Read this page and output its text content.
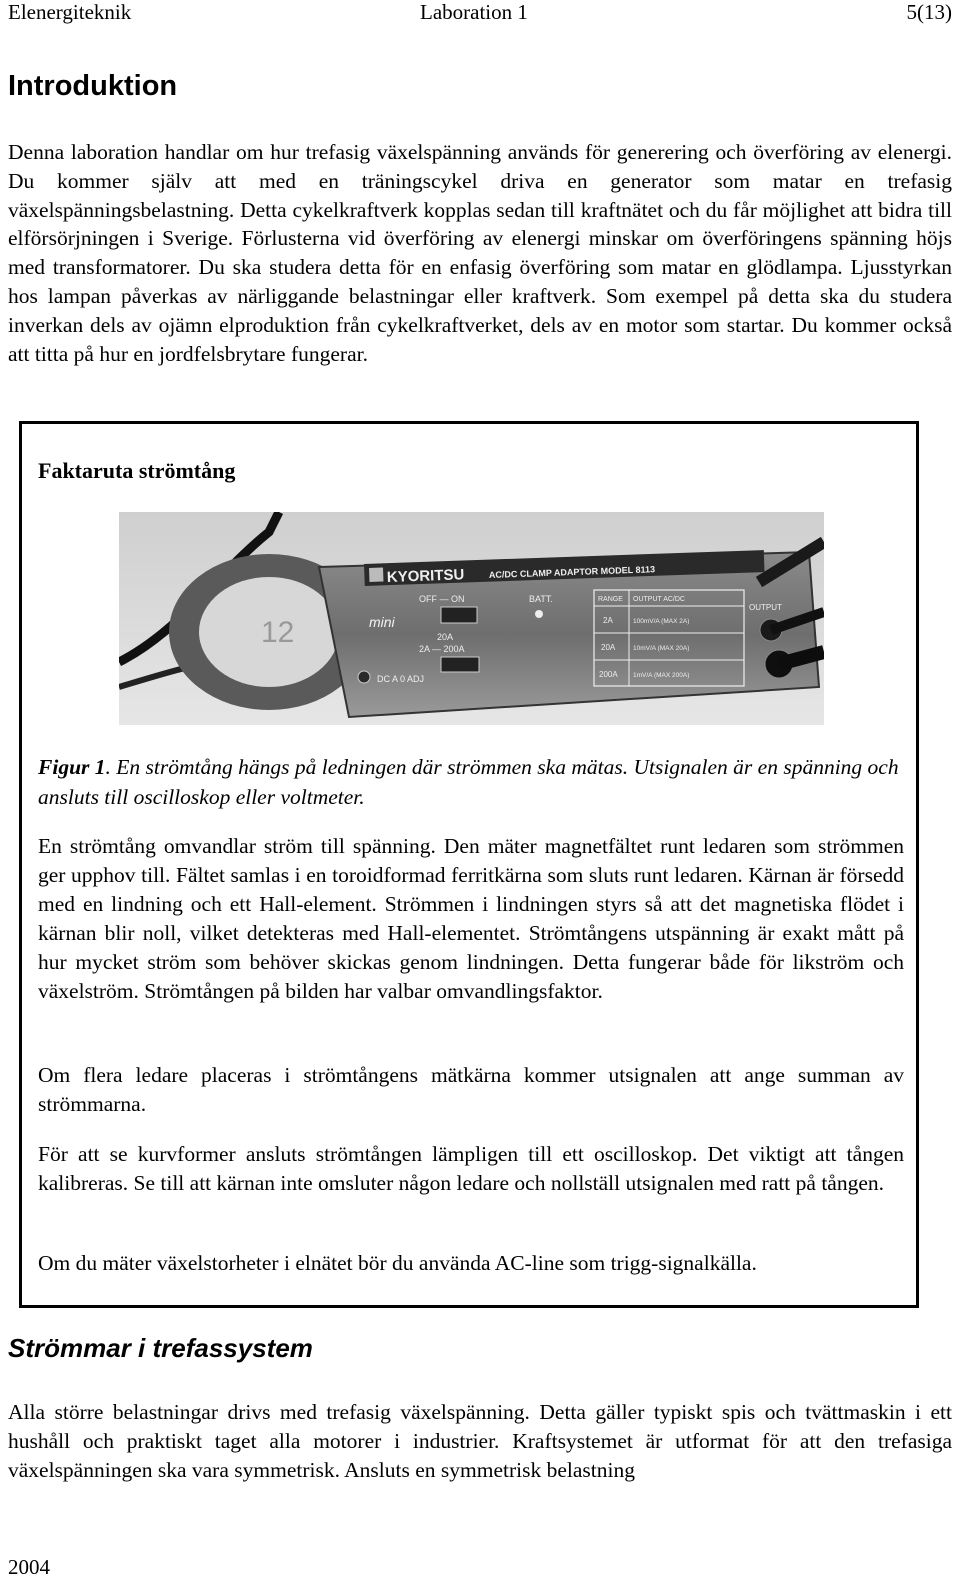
Elenergiteknik	Laboration 1	5(13)
Introduktion

Denna laboration handlar om hur trefasig växelspänning används för generering och överföring av elenergi. Du kommer själv att med en träningscykel driva en generator som matar en trefasig växelspänningsbelastning. Detta cykelkraftverk kopplas sedan till kraftnätet och du får möjlighet att bidra till elförsörjningen i Sverige. Förlusterna vid överföring av elenergi minskar om överföringens spänning höjs med transformatorer. Du ska studera detta för en enfasig överföring som matar en glödlampa. Ljusstyrkan hos lampan påverkas av närliggande belastningar eller kraftverk. Som exempel på detta ska du studera inverkan dels av ojämn elproduktion från cykelkraftverket, dels av en motor som startar. Du kommer också att titta på hur en jordfelsbrytare fungerar.

Faktaruta strömtång
12
KYORITSU	AC/DC CLAMP ADAPTOR MODEL 8113
OFF — ON	BATT.
mini
20A
2A — 200A
DC A 0 ADJ
RANGE OUTPUT AC/DC
2A	100mV/A (MAX 2A)
20A	10mV/A (MAX 20A)
200A 1mV/A (MAX 200A)
OUTPUT

Figur 1. En strömtång hängs på ledningen där strömmen ska mätas. Utsignalen är en spänning och ansluts till oscilloskop eller voltmeter.

En strömtång omvandlar ström till spänning. Den mäter magnetfältet runt ledaren som strömmen ger upphov till. Fältet samlas i en toroidformad ferritkärna som sluts runt ledaren. Kärnan är försedd med en lindning och ett Hall-element. Strömmen i lindningen styrs så att det magnetiska flödet i kärnan blir noll, vilket detekteras med Hall-elementet. Strömtångens utspänning är exakt mått på hur mycket ström som behöver skickas genom lindningen. Detta fungerar både för likström och växelström. Strömtången på bilden har valbar omvandlingsfaktor.

Om flera ledare placeras i strömtångens mätkärna kommer utsignalen att ange summan av strömmarna.

För att se kurvformer ansluts strömtången lämpligen till ett oscilloskop. Det viktigt att tången kalibreras. Se till att kärnan inte omsluter någon ledare och nollställ utsignalen med ratt på tången.

Om du mäter växelstorheter i elnätet bör du använda AC-line som trigg-signalkälla.

Strömmar i trefassystem

Alla större belastningar drivs med trefasig växelspänning. Detta gäller typiskt spis och tvättmaskin i ett hushåll och praktiskt taget alla motorer i industrier. Kraftsystemet är utformat för att den trefasiga växelspänningen ska vara symmetrisk. Ansluts en symmetrisk belastning

2004
